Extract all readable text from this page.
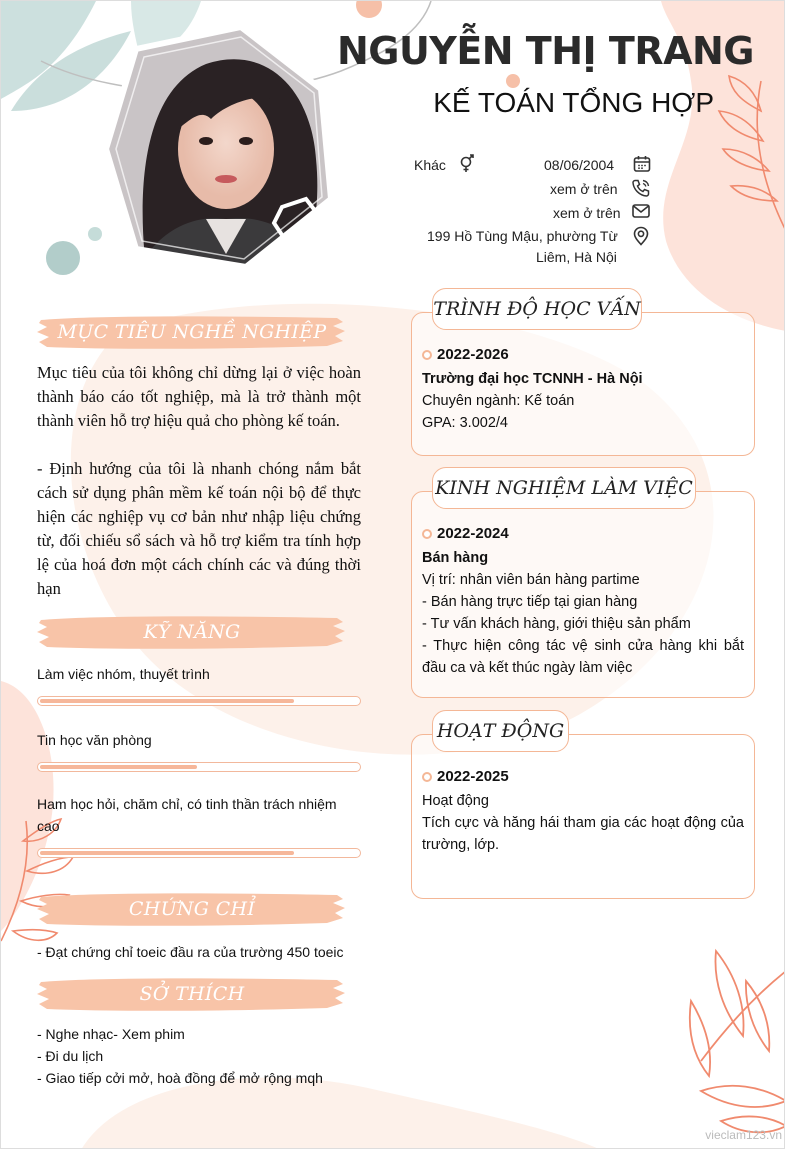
NGUYỄN THỊ TRANG
KẾ TOÁN TỔNG HỢP
Khác	08/06/2004
xem ở trên
xem ở trên
199 Hồ Tùng Mậu, phường Từ
Liêm, Hà Nội
MỤC TIÊU NGHỀ NGHIỆP
Mục tiêu của tôi không chỉ dừng lại ở việc hoàn thành báo cáo tốt nghiệp, mà là trở thành một thành viên hỗ trợ hiệu quả cho phòng kế toán.
- Định hướng của tôi là nhanh chóng nắm bắt cách sử dụng phân mềm kế toán nội bộ để thực hiện các nghiệp vụ cơ bản như nhập liệu chứng từ, đối chiếu sổ sách và hỗ trợ kiểm tra tính hợp lệ của hoá đơn một cách chính các và đúng thời hạn
KỸ NĂNG
Làm việc nhóm, thuyết trình
Tin học văn phòng
Ham học hỏi, chăm chỉ, có tinh thần trách nhiệm cao
CHỨNG CHỈ
- Đạt chứng chỉ toeic đầu ra của trường 450 toeic
SỞ THÍCH
- Nghe nhạc- Xem phim
- Đi du lịch
- Giao tiếp cởi mở, hoà đồng để mở rộng mqh
TRÌNH ĐỘ HỌC VẤN
2022-2026
Trường đại học TCNNH - Hà Nội
Chuyên ngành: Kế toán
GPA: 3.002/4
KINH NGHIỆM LÀM VIỆC
2022-2024
Bán hàng
Vị trí: nhân viên bán hàng partime
- Bán hàng trực tiếp tại gian hàng
- Tư vấn khách hàng, giới thiệu sản phẩm
- Thực hiện công tác vệ sinh cửa hàng khi bắt đầu ca và kết thúc ngày làm việc
HOẠT ĐỘNG
2022-2025
Hoạt động
Tích cực và hăng hái tham gia các hoạt động của trường, lớp.
vieclam123.vn
